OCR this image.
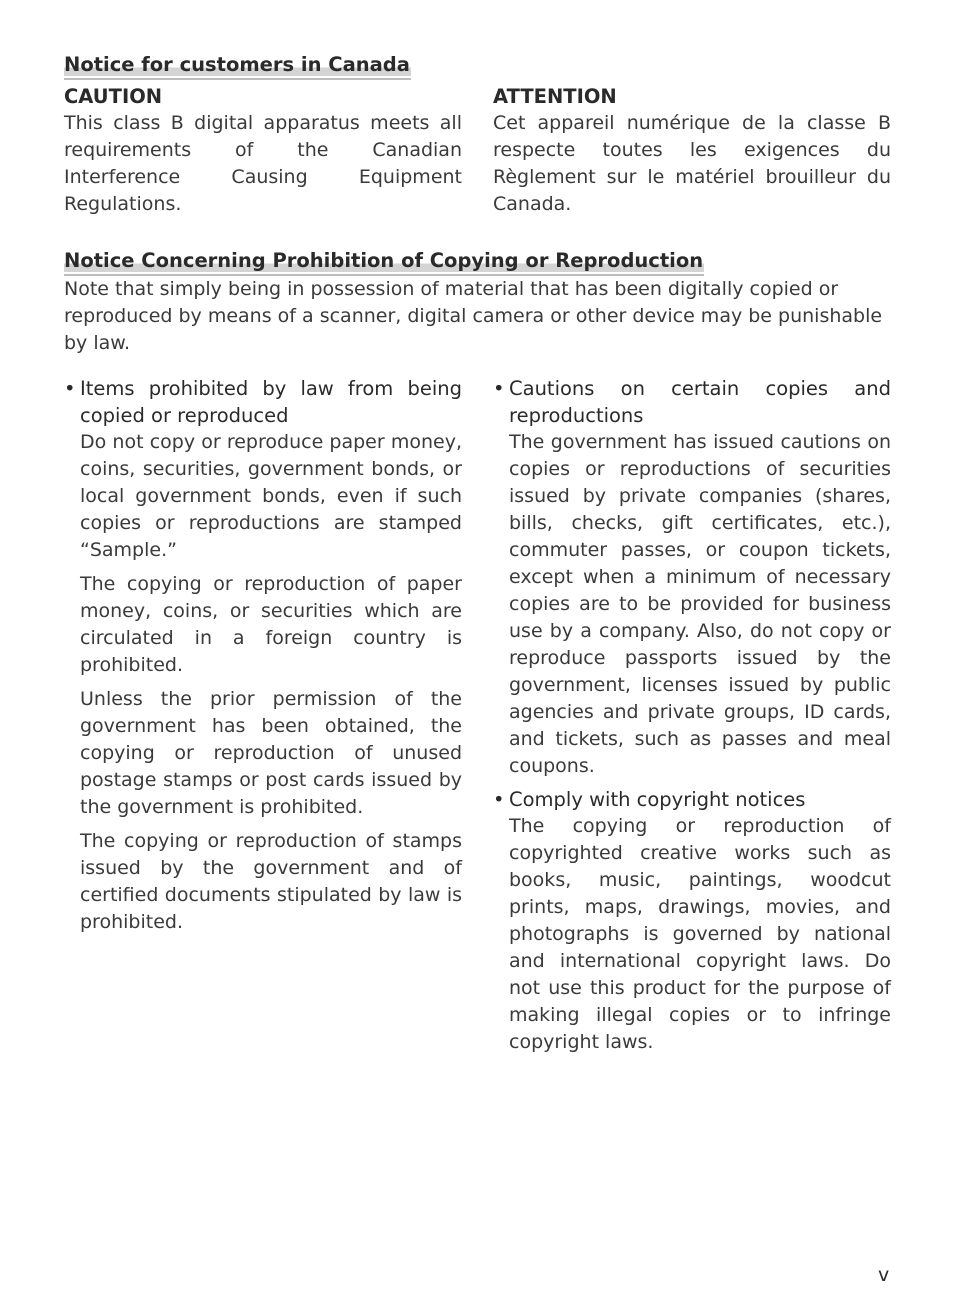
Notice for customers in Canada
CAUTION

This class B digital apparatus meets all requirements of the Canadian Interference Causing Equipment Regulations.

ATTENTION

Cet appareil numérique de la classe B respecte toutes les exigences du Règlement sur le matériel brouilleur du Canada.

Notice Concerning Prohibition of Copying or Reproduction

Note that simply being in possession of material that has been digitally copied or reproduced by means of a scanner, digital camera or other device may be punishable by law.

• Items prohibited by law from being copied or reproduced

Do not copy or reproduce paper money, coins, securities, government bonds, or local government bonds, even if such copies or reproductions are stamped “Sample.”

The copying or reproduction of paper money, coins, or securities which are circulated in a foreign country is prohibited.

Unless the prior permission of the government has been obtained, the copying or reproduction of unused postage stamps or post cards issued by the government is prohibited.

The copying or reproduction of stamps issued by the government and of certified documents stipulated by law is prohibited.

• Cautions on certain copies and reproductions

The government has issued cautions on copies or reproductions of securities issued by private companies (shares, bills, checks, gift certificates, etc.), commuter passes, or coupon tickets, except when a minimum of necessary copies are to be provided for business use by a company. Also, do not copy or reproduce passports issued by the government, licenses issued by public agencies and private groups, ID cards, and tickets, such as passes and meal coupons.

• Comply with copyright notices

The copying or reproduction of copyrighted creative works such as books, music, paintings, woodcut prints, maps, drawings, movies, and photographs is governed by national and international copyright laws. Do not use this product for the purpose of making illegal copies or to infringe copyright laws.

v
